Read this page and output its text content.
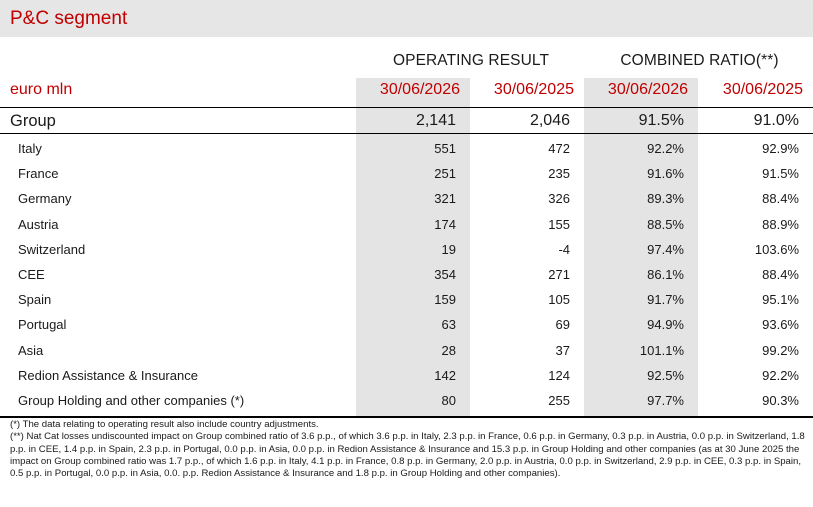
P&C segment
OPERATING RESULT	COMBINED RATIO(**)
euro mln	30/06/2026	30/06/2025	30/06/2026	30/06/2025
Group	2,141	2,046	91.5%	91.0%
Italy	551	472	92.2%	92.9%
France	251	235	91.6%	91.5%
Germany	321	326	89.3%	88.4%
Austria	174	155	88.5%	88.9%
Switzerland	19	-4	97.4%	103.6%
CEE	354	271	86.1%	88.4%
Spain	159	105	91.7%	95.1%
Portugal	63	69	94.9%	93.6%
Asia	28	37	101.1%	99.2%
Redion Assistance & Insurance	142	124	92.5%	92.2%
Group Holding and other companies (*)	80	255	97.7%	90.3%

(*) The data relating to operating result also include country adjustments.

(**) Nat Cat losses undiscounted impact on Group combined ratio of 3.6 p.p., of which 3.6 p.p. in Italy, 2.3 p.p. in France, 0.6 p.p. in Germany, 0.3 p.p. in Austria, 0.0 p.p. in Switzerland, 1.8 p.p. in CEE, 1.4 p.p. in Spain, 2.3 p.p. in Portugal, 0.0 p.p. in Asia, 0.0 p.p. in Redion Assistance & Insurance and 15.3 p.p. in Group Holding and other companies (as at 30 June 2025 the impact on Group combined ratio was 1.7 p.p., of which 1.6 p.p. in Italy, 4.1 p.p. in France, 0.8 p.p. in Germany, 2.0 p.p. in Austria, 0.0 p.p. in Switzerland, 2.9 p.p. in CEE, 0.3 p.p. in Spain, 0.5 p.p. in Portugal, 0.0 p.p. in Asia, 0.0. p.p. Redion Assistance & Insurance and 1.8 p.p. in Group Holding and other companies).
